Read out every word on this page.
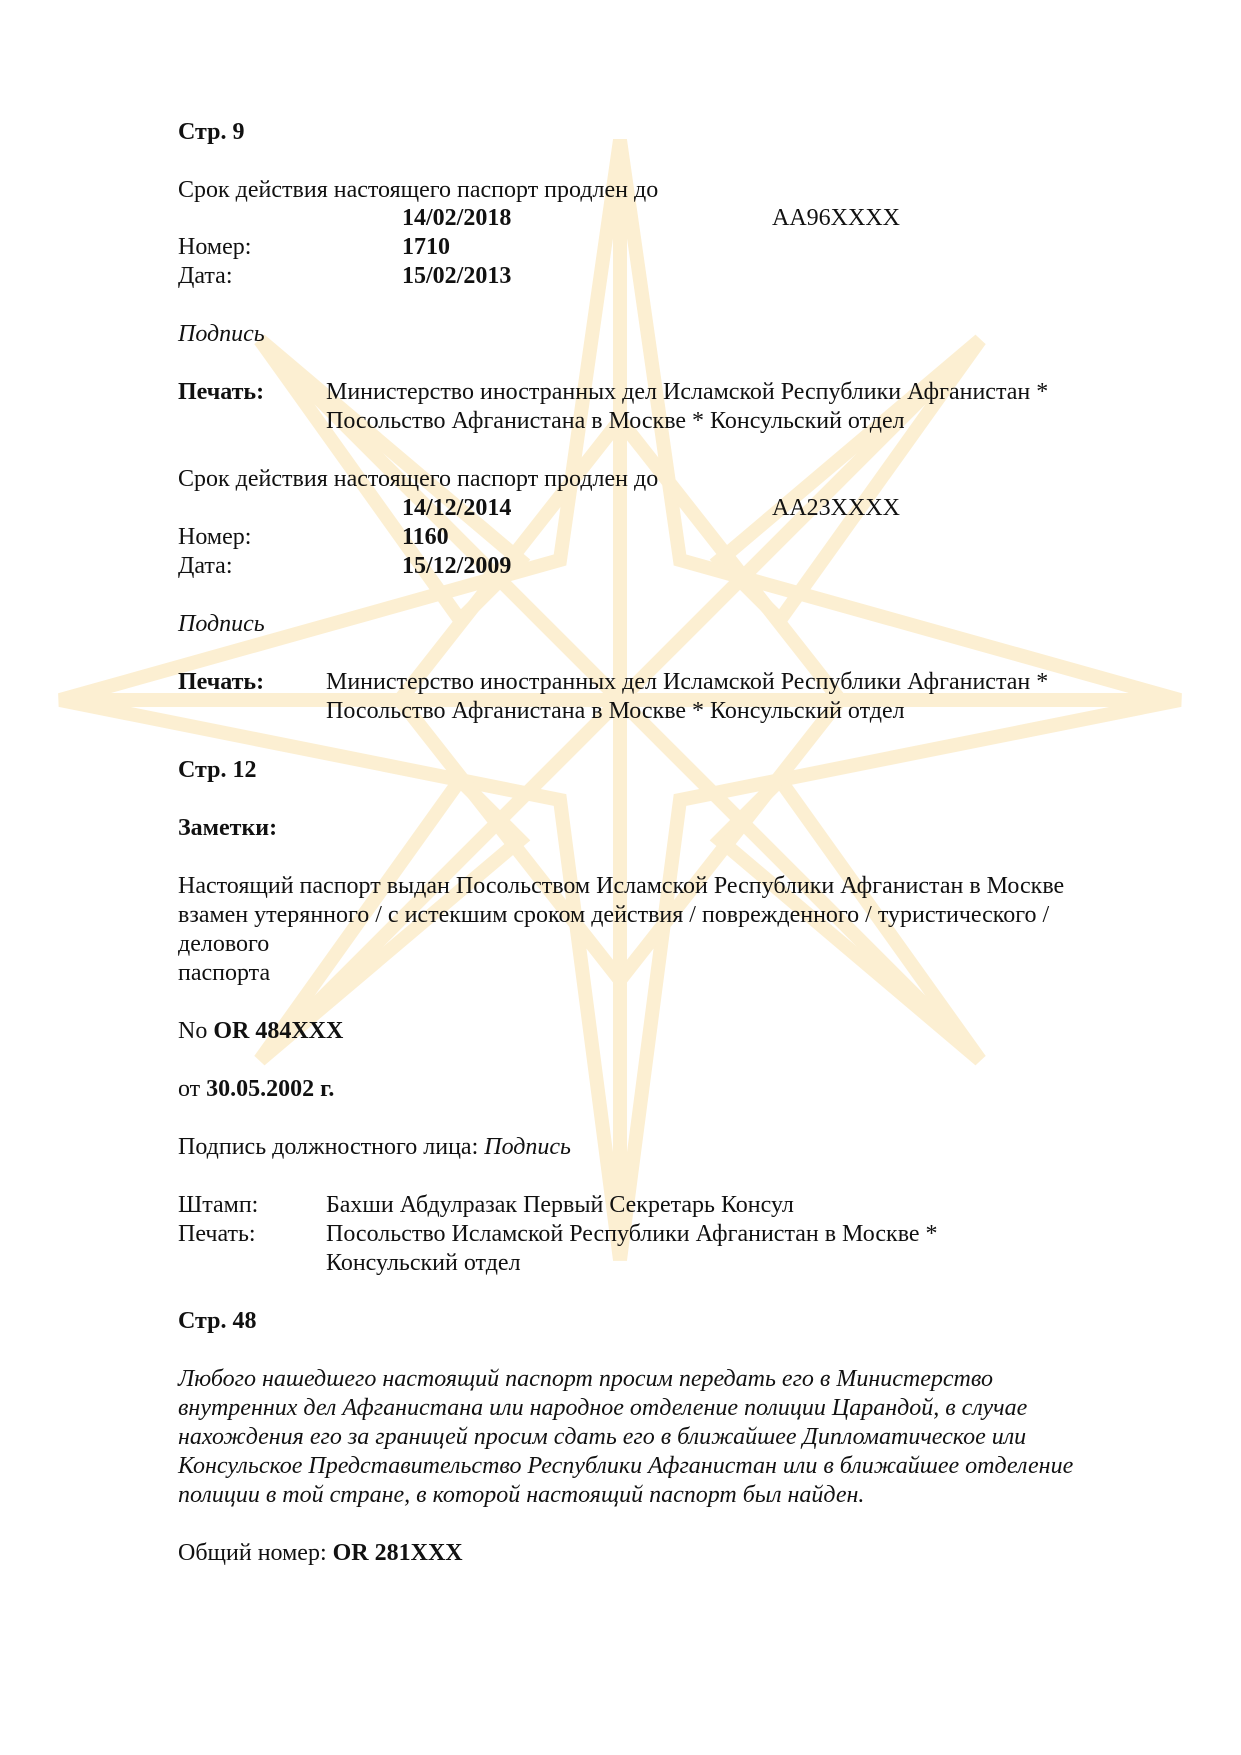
Стр. 9
Срок действия настоящего паспорт продлен до
14/02/2018	AA96XXXX
Номер:	1710
Дата:	15/02/2013
Подпись
Печать:	Министерство иностранных дел Исламской Республики Афганистан *
Посольство Афганистана в Москве * Консульский отдел
Срок действия настоящего паспорт продлен до
14/12/2014	AA23XXXX
Номер:	1160
Дата:	15/12/2009
Подпись
Печать:	Министерство иностранных дел Исламской Республики Афганистан *
Посольство Афганистана в Москве * Консульский отдел
Стр. 12
Заметки:
Настоящий паспорт выдан Посольством Исламской Республики Афганистан в Москве
взамен утерянного / с истекшим сроком действия / поврежденного / туристического /
делового
паспорта
No OR 484XXX
от 30.05.2002 г.
Подпись должностного лица: Подпись
Штамп:	Бахши Абдулразак Первый Секретарь Консул
Печать:	Посольство Исламской Республики Афганистан в Москве *
Консульский отдел
Стр. 48
Любого нашедшего настоящий паспорт просим передать его в Министерство
внутренних дел Афганистана или народное отделение полиции Царандой, в случае
нахождения его за границей просим сдать его в ближайшее Дипломатическое или
Консульское Представительство Республики Афганистан или в ближайшее отделение
полиции в той стране, в которой настоящий паспорт был найден.
Общий номер: OR 281XXX
